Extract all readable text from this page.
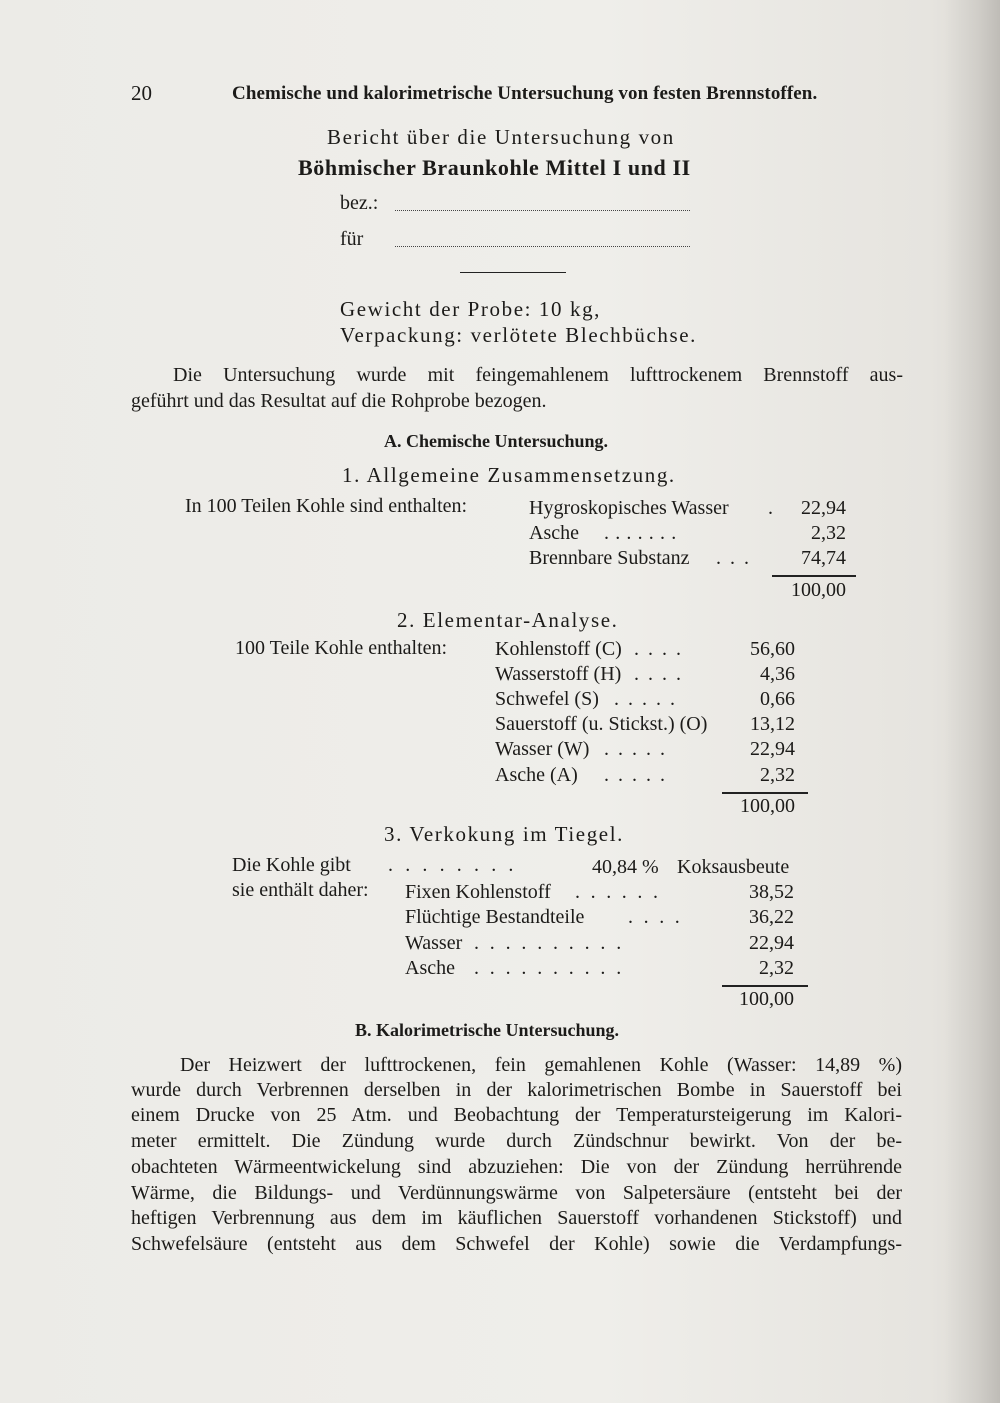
20	Chemische und kalorimetrische Untersuchung von festen Brennstoffen.
Bericht über die Untersuchung von
Böhmischer Braunkohle Mittel I und II
bez.:
für
Gewicht der Probe: 10 kg,
Verpackung: verlötete Blechbüchse.
Die Untersuchung wurde mit feingemahlenem lufttrockenem Brennstoff aus-
geführt und das Resultat auf die Rohprobe bezogen.
A. Chemische Untersuchung.
1. Allgemeine Zusammensetzung.
In 100 Teilen Kohle sind enthalten:	Hygroskopisches Wasser .	22,94
Asche . . . . . . .	2,32
Brennbare Substanz . . .	74,74
100,00
2. Elementar-Analyse.
100 Teile Kohle enthalten: Kohlenstoff (C) . . . .	56,60
Wasserstoff (H) . . . .	4,36
Schwefel (S) . . . . .	0,66
Sauerstoff (u. Stickst.) (O)	13,12
Wasser (W) . . . . .	22,94
Asche (A) . . . . .	2,32
100,00
3. Verkokung im Tiegel.
Die Kohle gibt . . . . . . . .	40,84 % Koksausbeute
sie enthält daher: Fixen Kohlenstoff . . . . . .	38,52
Flüchtige Bestandteile . . . .	36,22
Wasser . . . . . . . . . .	22,94
Asche . . . . . . . . . .	2,32
100,00
B. Kalorimetrische Untersuchung.
Der Heizwert der lufttrockenen, fein gemahlenen Kohle (Wasser: 14,89 %)
wurde durch Verbrennen derselben in der kalorimetrischen Bombe in Sauerstoff bei
einem Drucke von 25 Atm. und Beobachtung der Temperatursteigerung im Kalori-
meter ermittelt. Die Zündung wurde durch Zündschnur bewirkt. Von der be-
obachteten Wärmeentwickelung sind abzuziehen: Die von der Zündung herrührende
Wärme, die Bildungs- und Verdünnungswärme von Salpetersäure (entsteht bei der
heftigen Verbrennung aus dem im käuflichen Sauerstoff vorhandenen Stickstoff) und
Schwefelsäure (entsteht aus dem Schwefel der Kohle) sowie die Verdampfungs-
